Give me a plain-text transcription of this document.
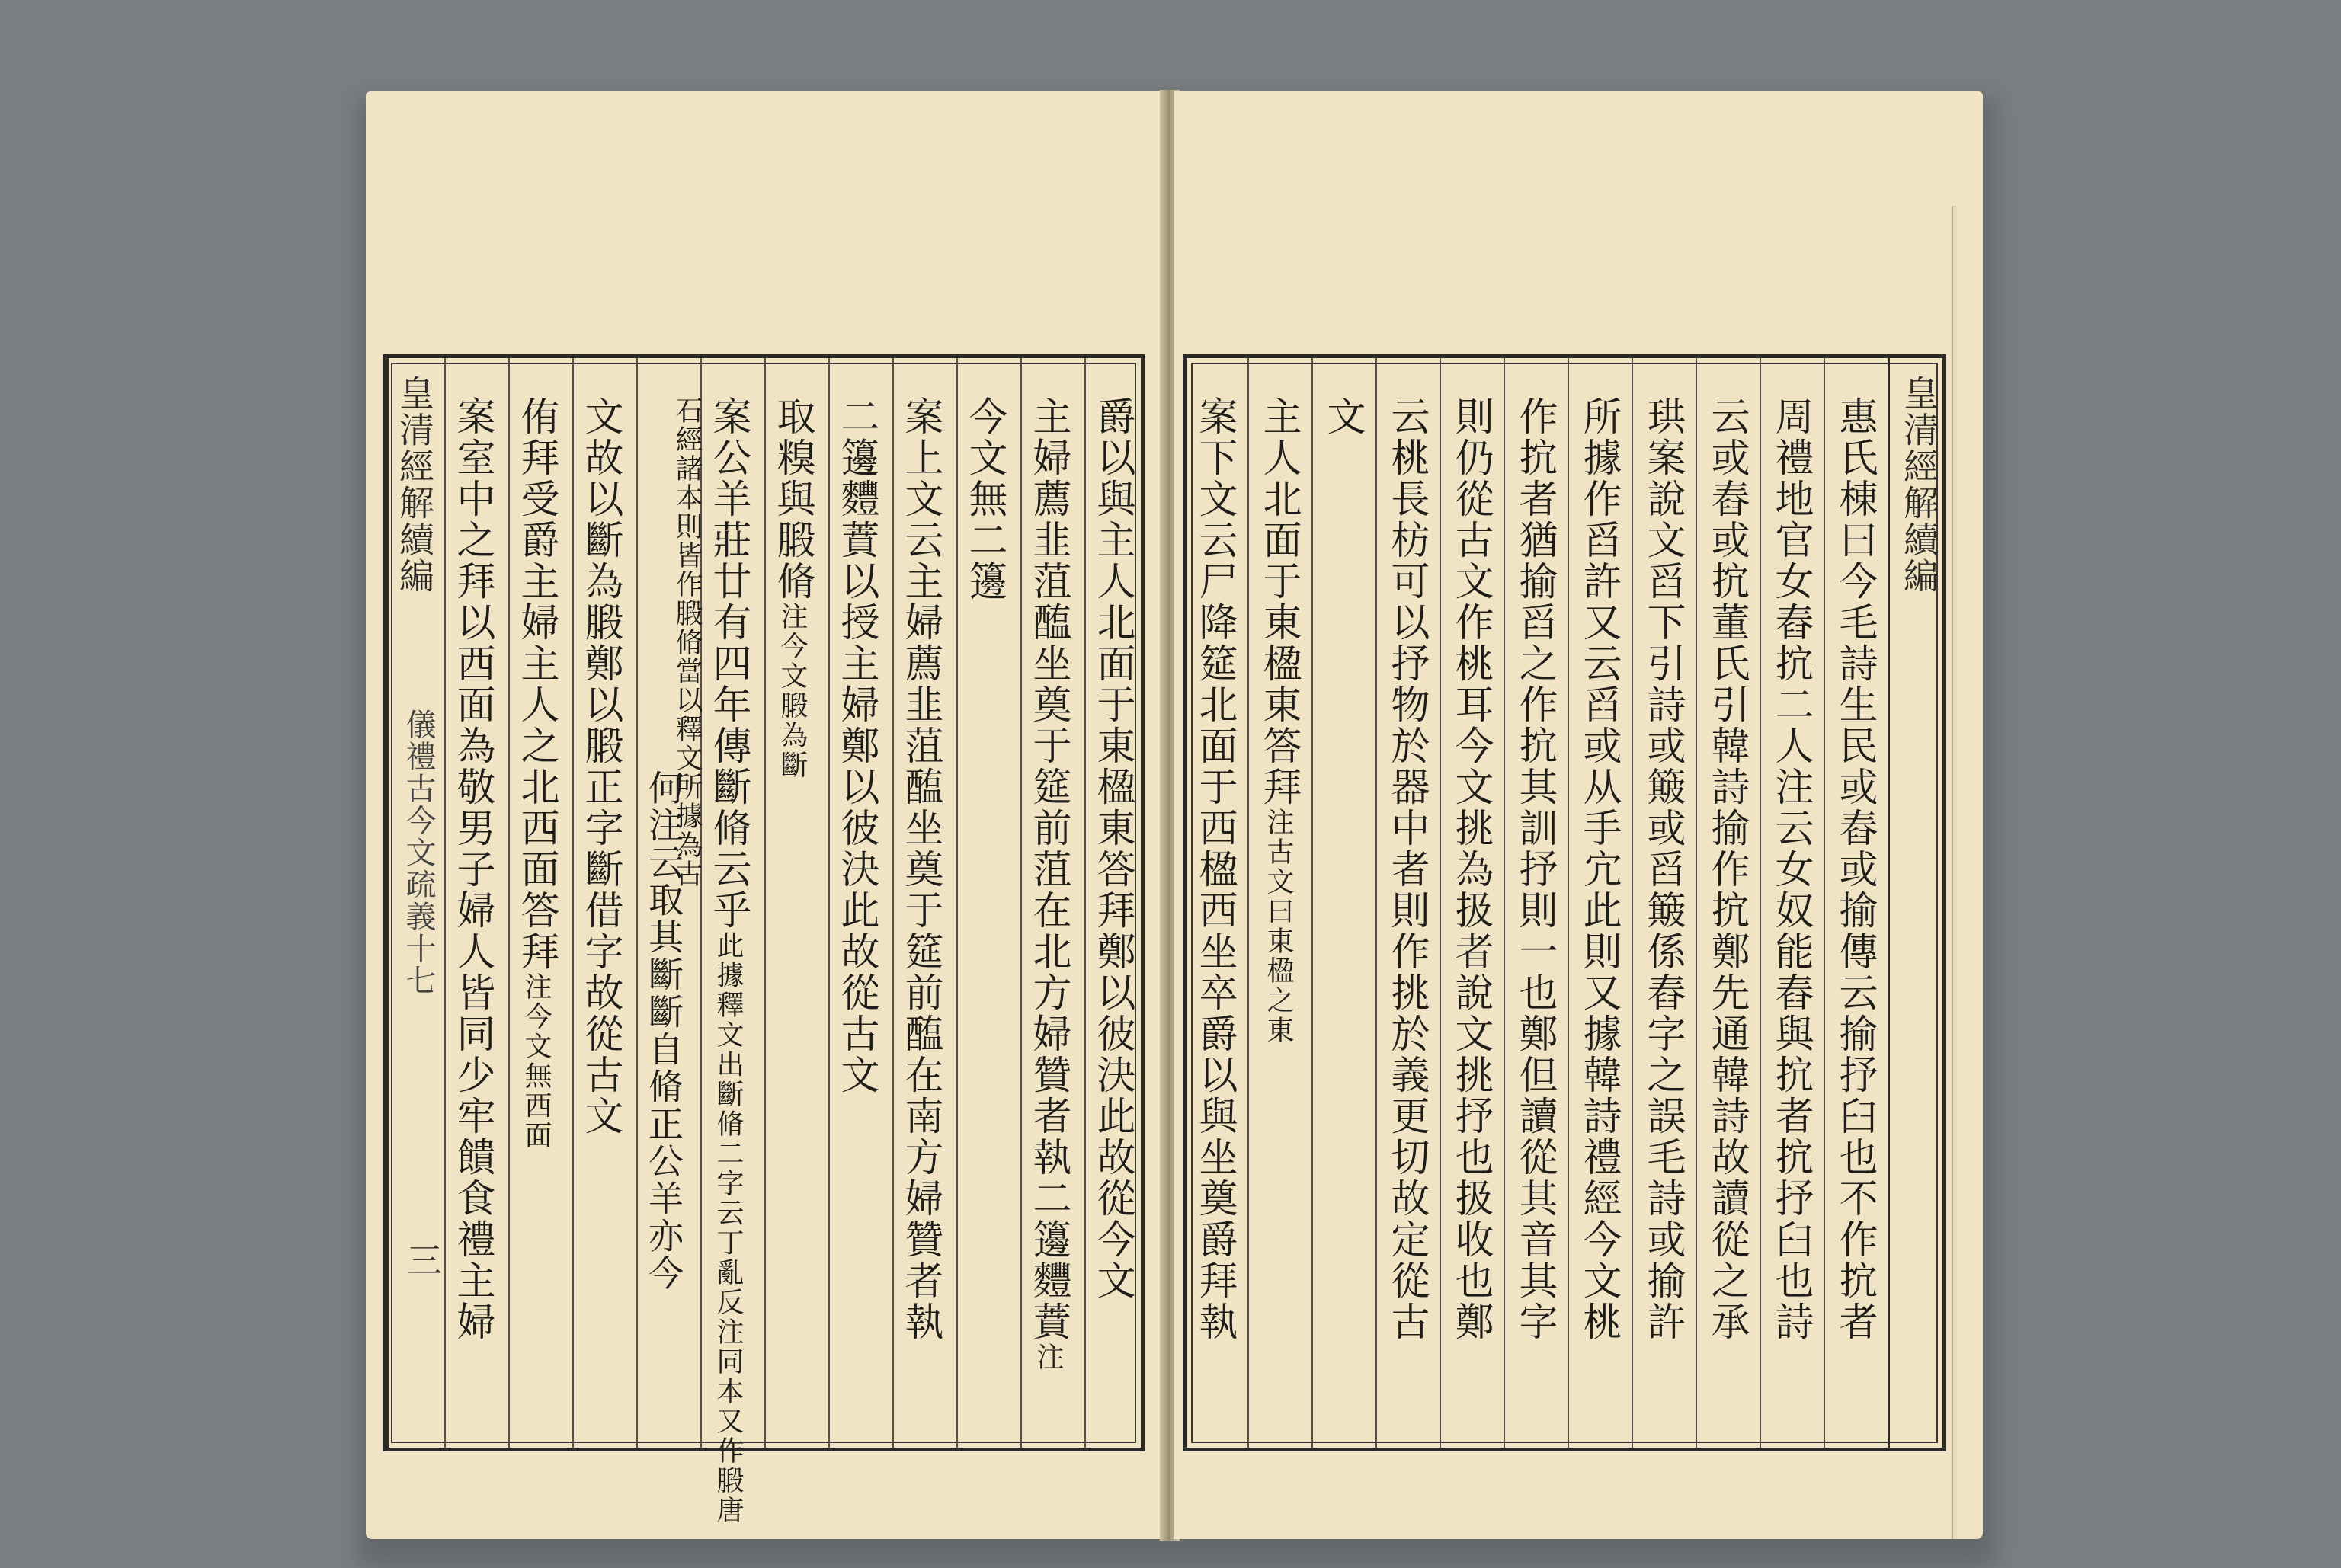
爵以與主人北面于東楹東答拜鄭以彼決此故從今文
主婦薦韭菹醢坐奠于筵前菹在北方婦贊者執二籩麷蕡注
今文無二籩
案上文云主婦薦韭菹醢坐奠于筵前醢在南方婦贊者執
二籩麷蕡以授主婦鄭以彼決此故從古文
取糗與腶脩注今文腶為斷
案公羊莊廿有四年傳斷脩云乎此據釋文出斷脩二字云丁亂反注同本又作腶唐
石經諸本則皆作腶脩當以釋文所據為古
何注云取其斷斷自脩正公羊亦今
文故以斷為腶鄭以腶正字斷借字故從古文
侑拜受爵主婦主人之北西面答拜注今文無西面
案室中之拜以西面為敬男子婦人皆同少牢饋食禮主婦
皇清經解續編
儀禮古今文疏義十七
三	惠氏棟曰今毛詩生民或舂或揄傳云揄抒臼也不作抭者
周禮地官女舂抭二人注云女奴能舂與抭者抭抒臼也詩
云或舂或抭董氏引韓詩揄作抭鄭先通韓詩故讀從之承
珙案說文舀下引詩或簸或舀簸係舂字之誤毛詩或揄許
所據作舀許又云舀或从手宂此則又據韓詩禮經今文桃
作抭者猶揄舀之作抭其訓抒則一也鄭但讀從其音其字
則仍從古文作桃耳今文挑為扱者說文挑抒也扱收也鄭
云桃長枋可以抒物於器中者則作挑於義更切故定從古
文
主人北面于東楹東答拜注古文曰東楹之東
案下文云尸降筵北面于西楹西坐卒爵以與坐奠爵拜執	皇清經解續編
